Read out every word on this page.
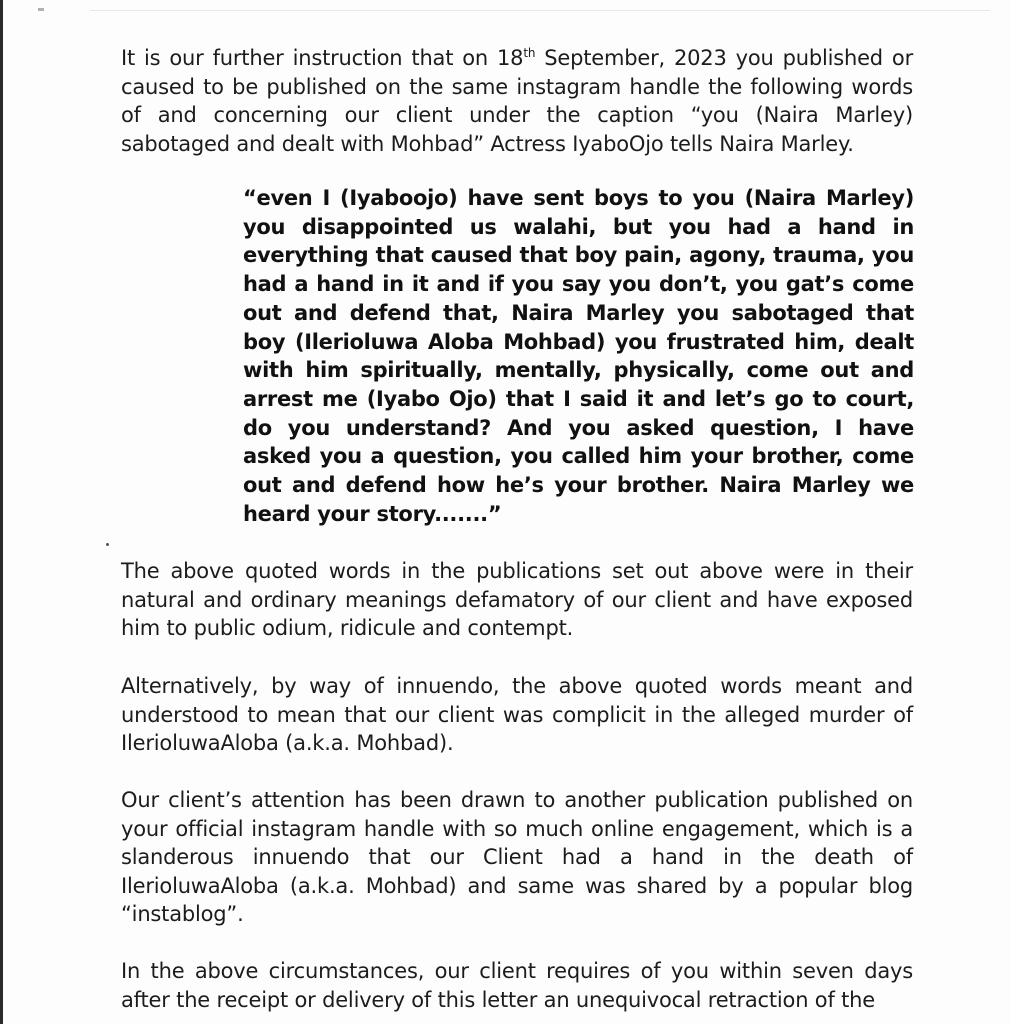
It is our further instruction that on 18th September, 2023 you published or caused to be published on the same instagram handle the following words of and concerning our client under the caption “you (Naira Marley) sabotaged and dealt with Mohbad” Actress IyaboOjo tells Naira Marley.

“even I (Iyaboojo) have sent boys to you (Naira Marley) you disappointed us walahi, but you had a hand in everything that caused that boy pain, agony, trauma, you had a hand in it and if you say you don’t, you gat’s come out and defend that, Naira Marley you sabotaged that boy (Ilerioluwa Aloba Mohbad) you frustrated him, dealt with him spiritually, mentally, physically, come out and arrest me (Iyabo Ojo) that I said it and let’s go to court, do you understand? And you asked question, I have asked you a question, you called him your brother, come out and defend how he’s your brother. Naira Marley we heard your story.......”

The above quoted words in the publications set out above were in their natural and ordinary meanings defamatory of our client and have exposed him to public odium, ridicule and contempt.

Alternatively, by way of innuendo, the above quoted words meant and understood to mean that our client was complicit in the alleged murder of IlerioluwaAloba (a.k.a. Mohbad).

Our client’s attention has been drawn to another publication published on your official instagram handle with so much online engagement, which is a slanderous innuendo that our Client had a hand in the death of IlerioluwaAloba (a.k.a. Mohbad) and same was shared by a popular blog “instablog”.

In the above circumstances, our client requires of you within seven days after the receipt or delivery of this letter an unequivocal retraction of the
